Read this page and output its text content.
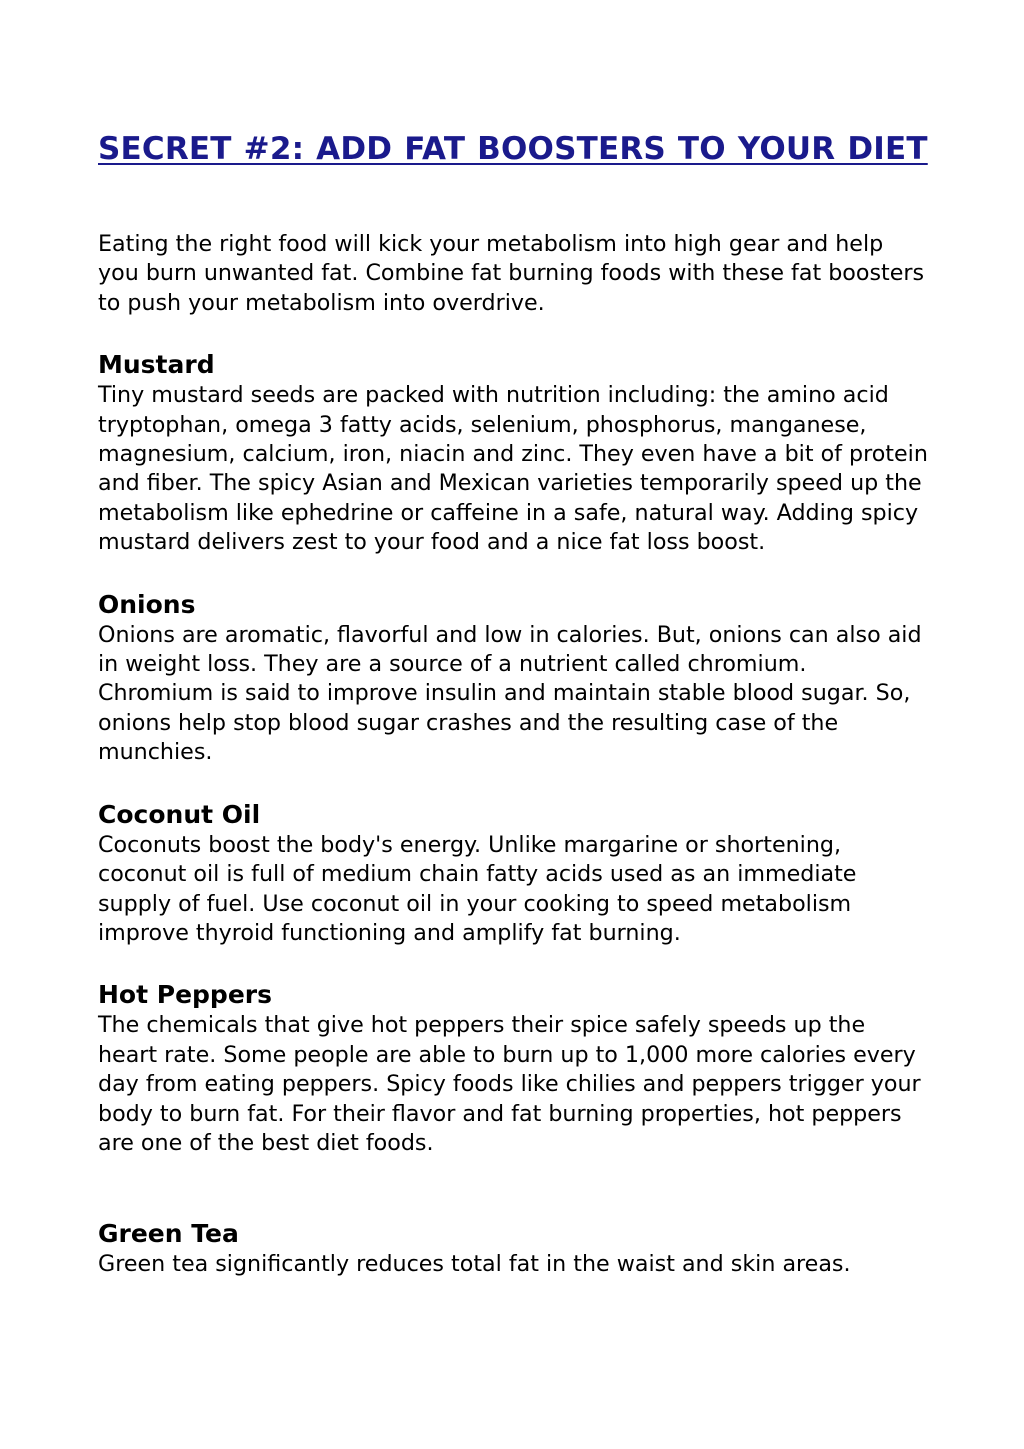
SECRET #2: ADD FAT BOOSTERS TO YOUR DIET

Eating the right food will kick your metabolism into high gear and help you burn unwanted fat. Combine fat burning foods with these fat boosters to push your metabolism into overdrive.

Mustard

Tiny mustard seeds are packed with nutrition including: the amino acid tryptophan, omega 3 fatty acids, selenium, phosphorus, manganese, magnesium, calcium, iron, niacin and zinc. They even have a bit of protein and fiber. The spicy Asian and Mexican varieties temporarily speed up the metabolism like ephedrine or caffeine in a safe, natural way. Adding spicy mustard delivers zest to your food and a nice fat loss boost.

Onions

Onions are aromatic, flavorful and low in calories. But, onions can also aid in weight loss. They are a source of a nutrient called chromium. Chromium is said to improve insulin and maintain stable blood sugar. So, onions help stop blood sugar crashes and the resulting case of the munchies.

Coconut Oil

Coconuts boost the body's energy. Unlike margarine or shortening, coconut oil is full of medium chain fatty acids used as an immediate supply of fuel. Use coconut oil in your cooking to speed metabolism improve thyroid functioning and amplify fat burning.

Hot Peppers

The chemicals that give hot peppers their spice safely speeds up the heart rate. Some people are able to burn up to 1,000 more calories every day from eating peppers. Spicy foods like chilies and peppers trigger your body to burn fat. For their flavor and fat burning properties, hot peppers are one of the best diet foods.

Green Tea

Green tea significantly reduces total fat in the waist and skin areas.
